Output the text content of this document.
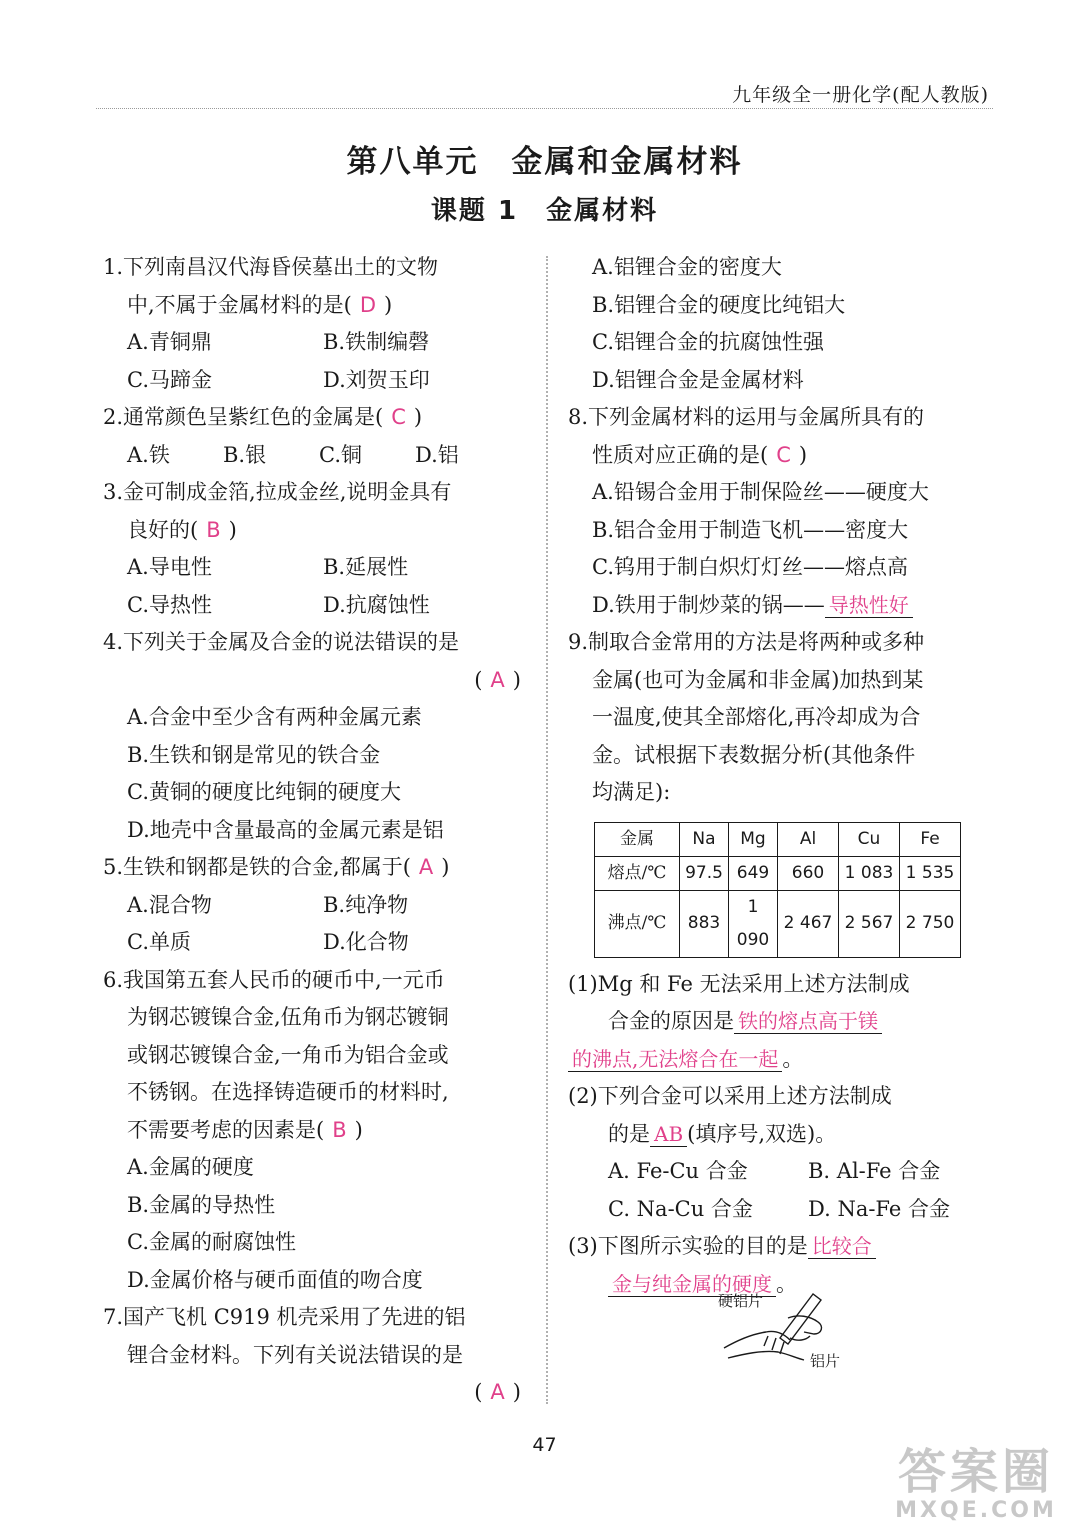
九年级全一册化学(配人教版)
第八单元　金属和金属材料
课题 1　金属材料

1.下列南昌汉代海昏侯墓出土的文物

中,不属于金属材料的是( D )

A.青铜鼎	B.铁制编磬
C.马蹄金	D.刘贺玉印

2.通常颜色呈紫红色的金属是( C )

A.铁	B.银	C.铜	D.铝

3.金可制成金箔,拉成金丝,说明金具有

良好的( B )

A.导电性	B.延展性
C.导热性	D.抗腐蚀性

4.下列关于金属及合金的说法错误的是

( A )

A.合金中至少含有两种金属元素

B.生铁和钢是常见的铁合金

C.黄铜的硬度比纯铜的硬度大

D.地壳中含量最高的金属元素是铝

5.生铁和钢都是铁的合金,都属于( A )

A.混合物	B.纯净物
C.单质	D.化合物

6.我国第五套人民币的硬币中,一元币

为钢芯镀镍合金,伍角币为钢芯镀铜

或钢芯镀镍合金,一角币为铝合金或

不锈钢。在选择铸造硬币的材料时,

不需要考虑的因素是( B )

A.金属的硬度

B.金属的导热性

C.金属的耐腐蚀性

D.金属价格与硬币面值的吻合度

7.国产飞机 C919 机壳采用了先进的铝

锂合金材料。下列有关说法错误的是

( A )

A.铝锂合金的密度大

B.铝锂合金的硬度比纯铝大

C.铝锂合金的抗腐蚀性强

D.铝锂合金是金属材料

8.下列金属材料的运用与金属所具有的

性质对应正确的是( C )

A.铅锡合金用于制保险丝——硬度大

B.铝合金用于制造飞机——密度大

C.钨用于制白炽灯灯丝——熔点高

D.铁用于制炒菜的锅—— 导热性好

9.制取合金常用的方法是将两种或多种

金属(也可为金属和非金属)加热到某

一温度,使其全部熔化,再冷却成为合

金。试根据下表数据分析(其他条件

均满足):

金属	Na	Mg	Al	Cu	Fe
熔点/℃	97.5	649	660	1 083	1 535
沸点/℃	883	1 090	2 467	2 567	2 750

(1)Mg 和 Fe 无法采用上述方法制成

合金的原因是 铁的熔点高于镁

的沸点,无法熔合在一起 。

(2)下列合金可以采用上述方法制成

的是 AB (填序号,双选)。

A. Fe-Cu 合金	B. Al-Fe 合金
C. Na-Cu 合金	D. Na-Fe 合金

(3)下图所示实验的目的是 比较合

金与纯金属的硬度 。

硬铝片
铝片
47	答案圈
MXQE.COM
